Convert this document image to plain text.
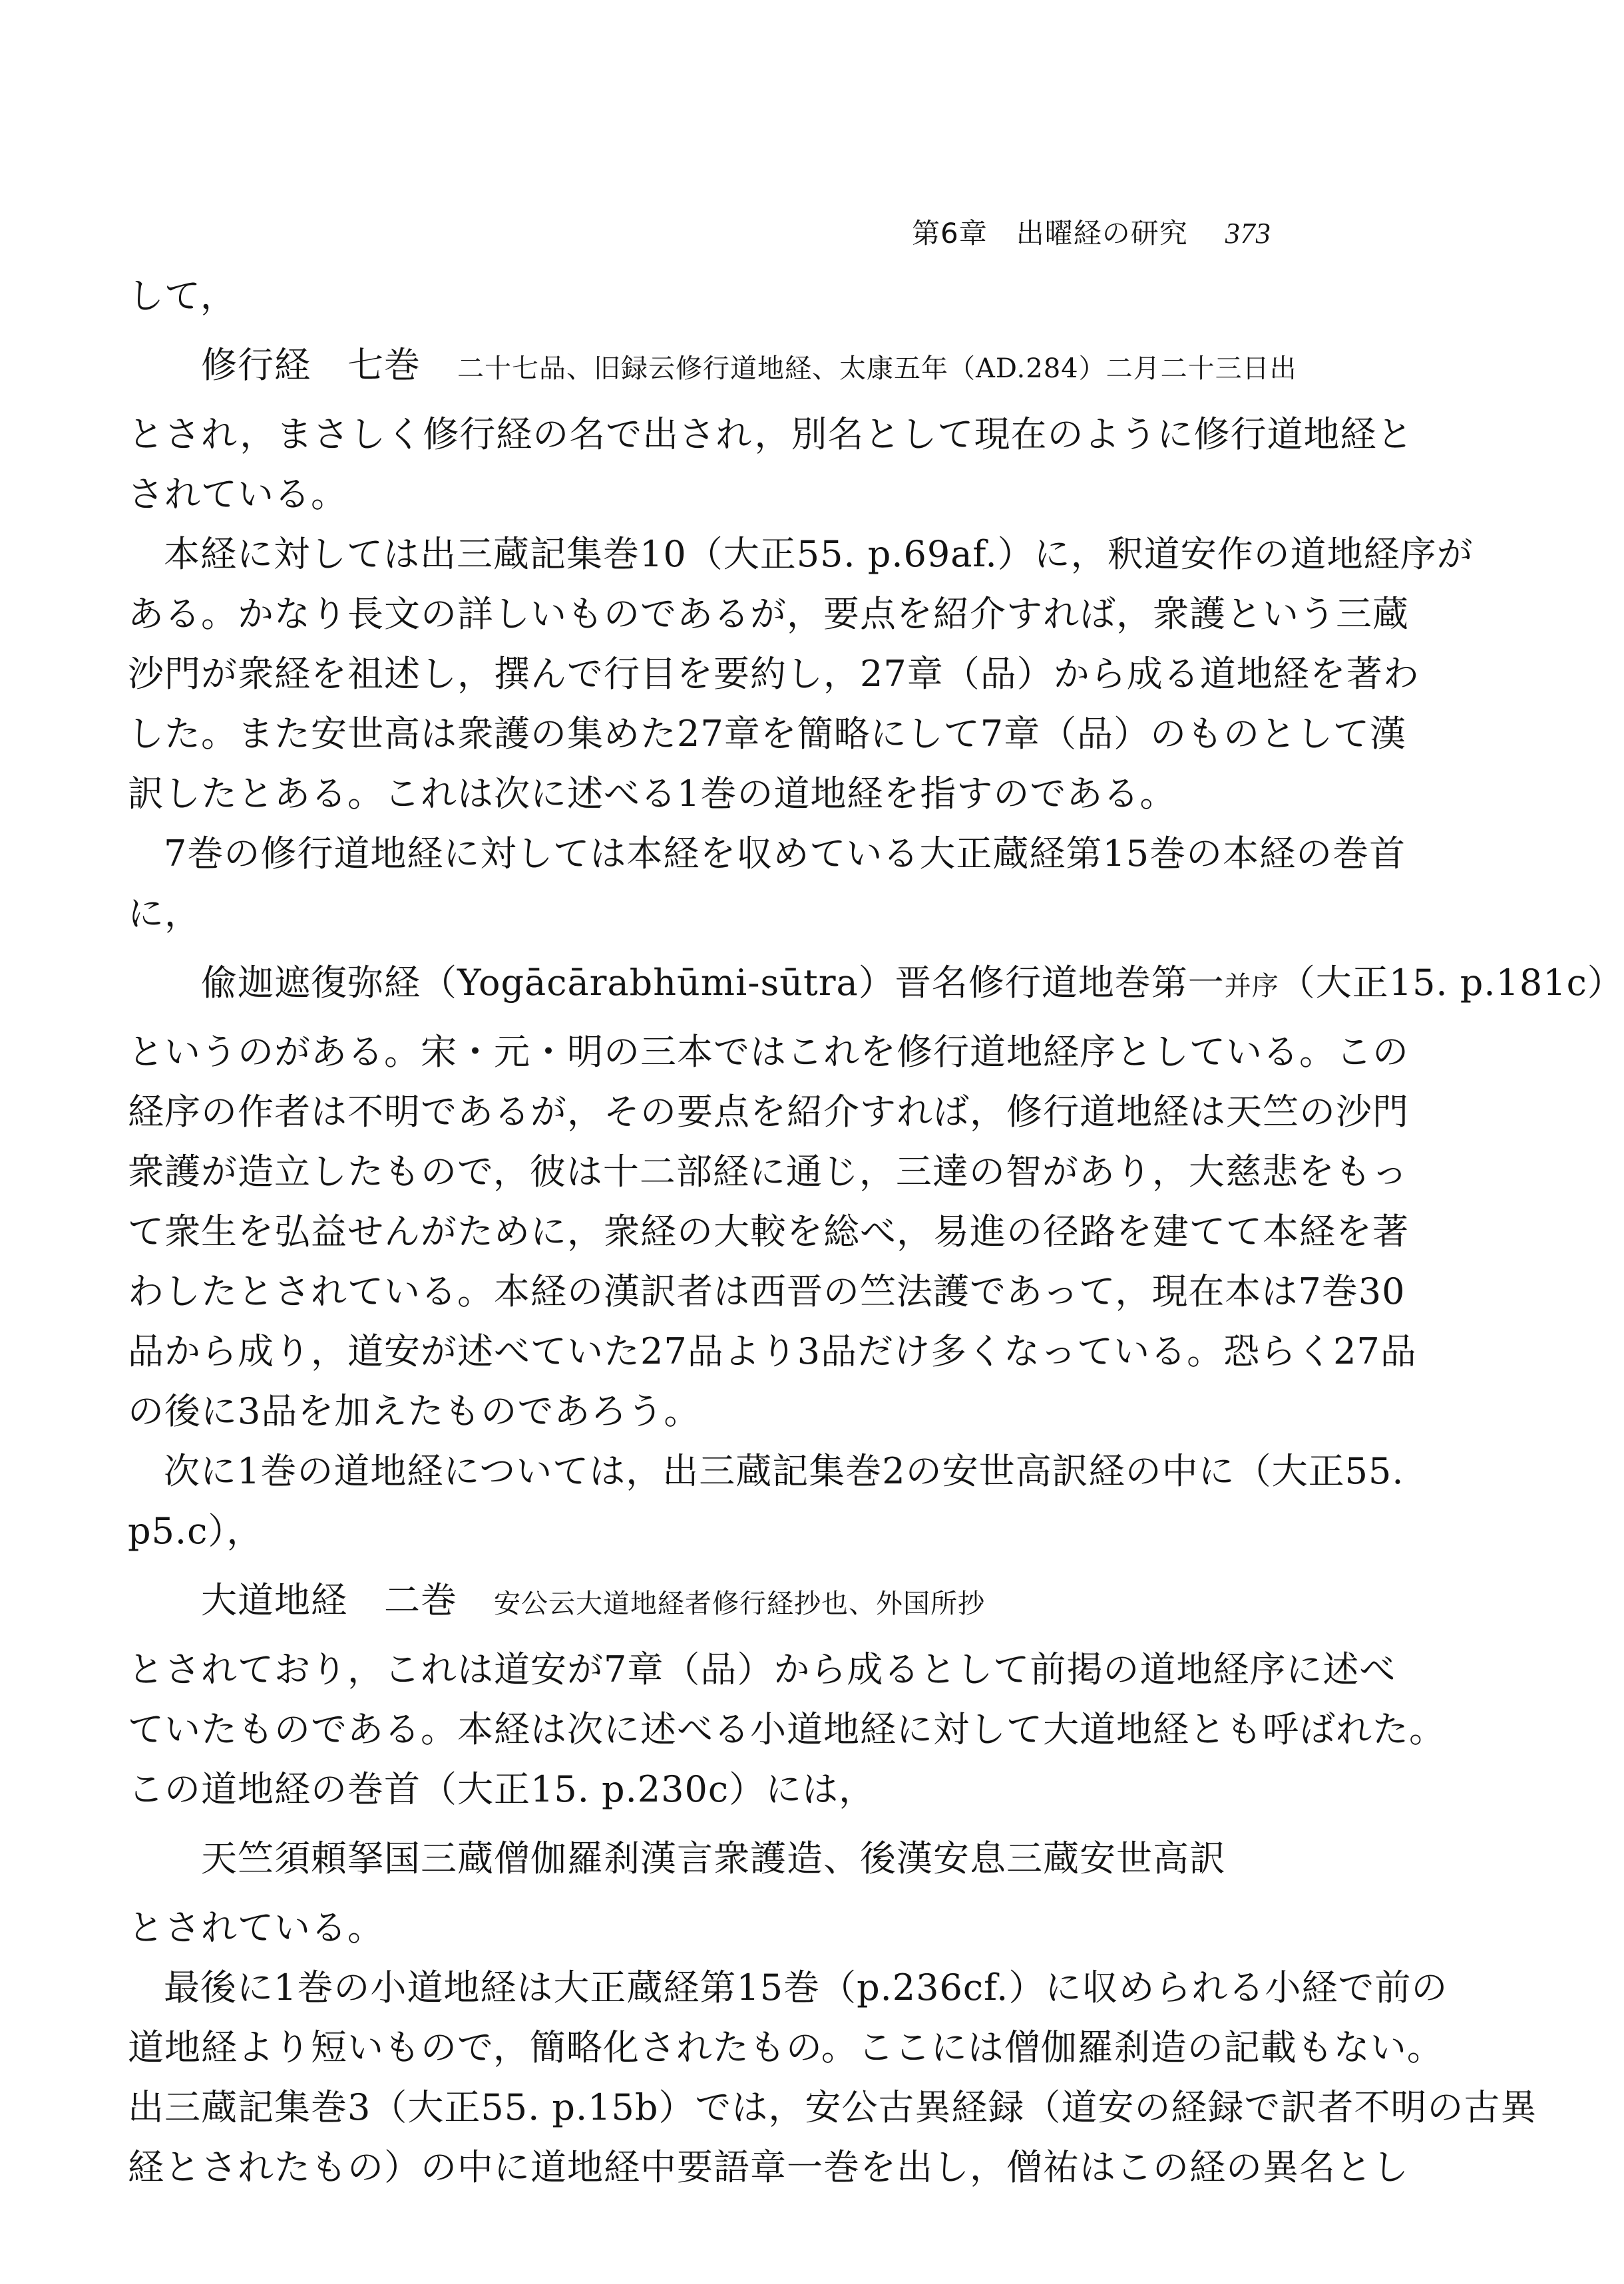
第6章　出曜経の研究 373
して，
修行経　七巻　二十七品、旧録云修行道地経、太康五年（AD.284）二月二十三日出
とされ，まさしく修行経の名で出され，別名として現在のように修行道地経と
されている。
本経に対しては出三蔵記集巻10（大正55. p.69af.）に，釈道安作の道地経序が
ある。かなり長文の詳しいものであるが，要点を紹介すれば，衆護という三蔵
沙門が衆経を祖述し，撰んで行目を要約し，27章（品）から成る道地経を著わ
した。また安世高は衆護の集めた27章を簡略にして7章（品）のものとして漢
訳したとある。これは次に述べる1巻の道地経を指すのである。
7巻の修行道地経に対しては本経を収めている大正蔵経第15巻の本経の巻首
に，
偸迦遮復弥経（Yogācārabhūmi-sūtra）晋名修行道地巻第一并序（大正15. p.181c）
というのがある。宋・元・明の三本ではこれを修行道地経序としている。この
経序の作者は不明であるが，その要点を紹介すれば，修行道地経は天竺の沙門
衆護が造立したもので，彼は十二部経に通じ，三達の智があり，大慈悲をもっ
て衆生を弘益せんがために，衆経の大較を総べ，易進の径路を建てて本経を著
わしたとされている。本経の漢訳者は西晋の竺法護であって，現在本は7巻30
品から成り，道安が述べていた27品より3品だけ多くなっている。恐らく27品
の後に3品を加えたものであろう。
次に1巻の道地経については，出三蔵記集巻2の安世高訳経の中に（大正55.
p5.c），
大道地経　二巻　安公云大道地経者修行経抄也、外国所抄
とされており，これは道安が7章（品）から成るとして前掲の道地経序に述べ
ていたものである。本経は次に述べる小道地経に対して大道地経とも呼ばれた。
この道地経の巻首（大正15. p.230c）には，
天竺須頼拏国三蔵僧伽羅刹漢言衆護造、後漢安息三蔵安世高訳
とされている。
最後に1巻の小道地経は大正蔵経第15巻（p.236cf.）に収められる小経で前の
道地経より短いもので，簡略化されたもの。ここには僧伽羅刹造の記載もない。
出三蔵記集巻3（大正55. p.15b）では，安公古異経録（道安の経録で訳者不明の古異
経とされたもの）の中に道地経中要語章一巻を出し，僧祐はこの経の異名とし
